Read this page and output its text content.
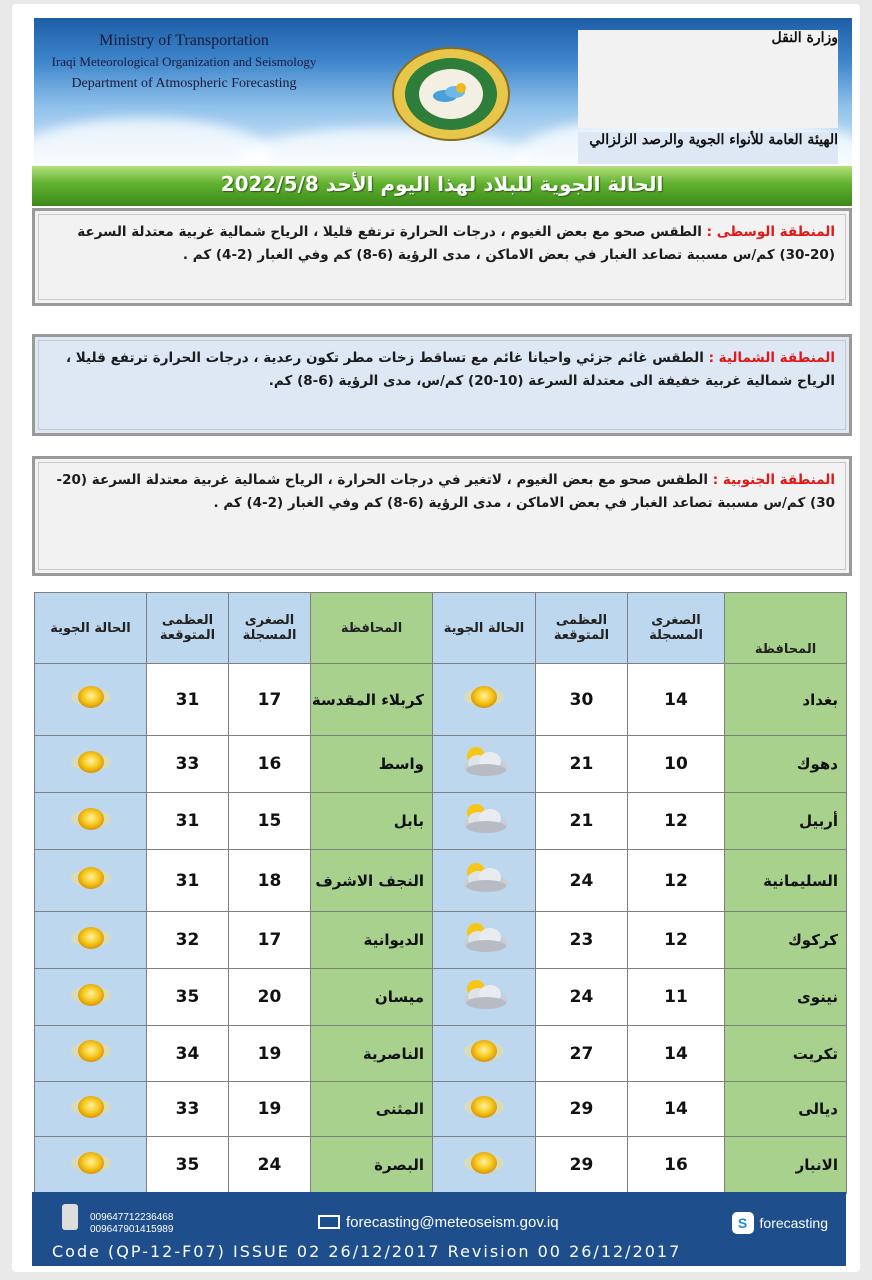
Ministry of Transportation
Iraqi Meteorological Organization and Seismology
Department of Atmospheric Forecasting
وزارة النقل
الهيئة العامة للأنواء الجوية والرصد الزلزالي
الحالة الجوية للبلاد لهذا اليوم الأحد 2022/5/8
المنطقة الوسطى : الطقس صحو مع بعض الغيوم ، درجات الحرارة ترتفع قليلا ، الرياح شمالية غربية معتدلة السرعة (20-30) كم/س مسببة تصاعد الغبار في بعض الاماكن ، مدى الرؤية (6-8) كم وفي الغبار (2-4) كم .
المنطقة الشمالية : الطقس غائم جزئي واحيانا غائم مع تساقط زخات مطر تكون رعدية ، درجات الحرارة ترتفع قليلا ، الرياح شمالية غربية خفيفة الى معتدلة السرعة (10-20) كم/س، مدى الرؤية (6-8) كم.
المنطقة الجنوبية : الطقس صحو مع بعض الغيوم ، لاتغير في درجات الحرارة ، الرياح شمالية غربية معتدلة السرعة (20-30) كم/س مسببة تصاعد الغبار في بعض الاماكن ، مدى الرؤية (6-8) كم وفي الغبار (2-4) كم .
المحافظة	الصغرى المسجلة	العظمى المتوقعة	الحالة الجوية	المحافظة	الصغرى المسجلة	العظمى المتوقعة	الحالة الجوية
بغداد	14	30		كربلاء المقدسة	17	31	
دهوك	10	21		واسط	16	33	
أربيل	12	21		بابل	15	31	
السليمانية	12	24		النجف الاشرف	18	31	
كركوك	12	23		الديوانية	17	32	
نينوى	11	24		ميسان	20	35	
تكريت	14	27		الناصرية	19	34	
ديالى	14	29		المثنى	19	33	
الانبار	16	29		البصرة	24	35	
009647712236468
009647901415989	forecasting@meteoseism.gov.iq	S forecasting
Code (QP-12-F07) ISSUE 02 26/12/2017 Revision 00 26/12/2017
